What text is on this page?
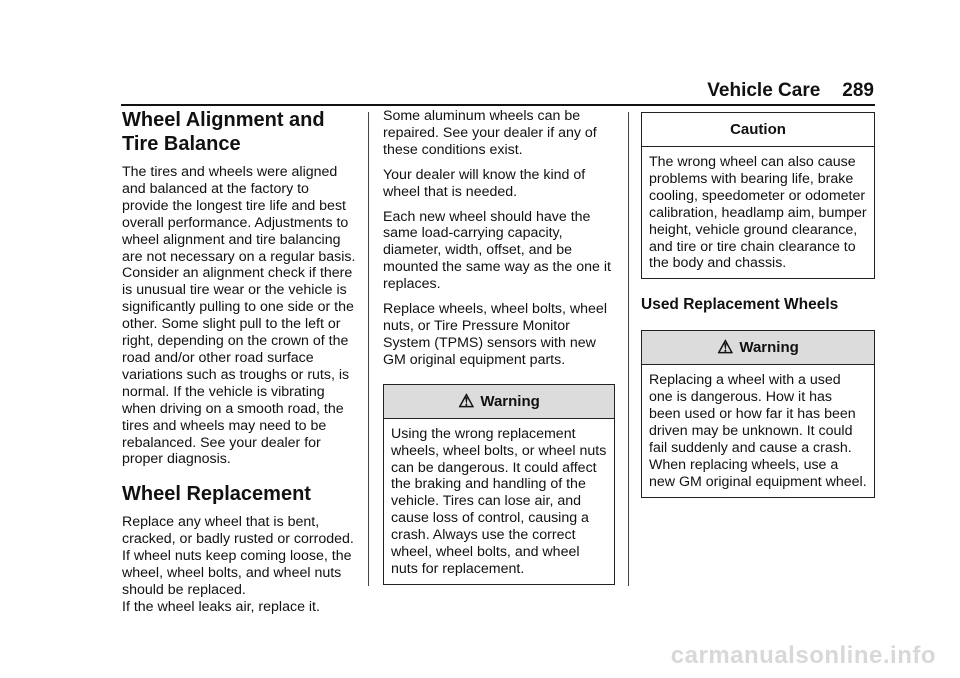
Vehicle Care 289
Wheel Alignment and Tire Balance

The tires and wheels were aligned and balanced at the factory to provide the longest tire life and best overall performance. Adjustments to wheel alignment and tire balancing are not necessary on a regular basis. Consider an alignment check if there is unusual tire wear or the vehicle is significantly pulling to one side or the other. Some slight pull to the left or right, depending on the crown of the road and/or other road surface variations such as troughs or ruts, is normal. If the vehicle is vibrating when driving on a smooth road, the tires and wheels may need to be rebalanced. See your dealer for proper diagnosis.

Wheel Replacement

Replace any wheel that is bent, cracked, or badly rusted or corroded. If wheel nuts keep coming loose, the wheel, wheel bolts, and wheel nuts should be replaced.

If the wheel leaks air, replace it.

Some aluminum wheels can be repaired. See your dealer if any of these conditions exist.

Your dealer will know the kind of wheel that is needed.

Each new wheel should have the same load-carrying capacity, diameter, width, offset, and be mounted the same way as the one it replaces.

Replace wheels, wheel bolts, wheel nuts, or Tire Pressure Monitor System (TPMS) sensors with new GM original equipment parts.

⚠ Warning

Using the wrong replacement wheels, wheel bolts, or wheel nuts can be dangerous. It could affect the braking and handling of the vehicle. Tires can lose air, and cause loss of control, causing a crash. Always use the correct wheel, wheel bolts, and wheel nuts for replacement.

Caution

The wrong wheel can also cause problems with bearing life, brake cooling, speedometer or odometer calibration, headlamp aim, bumper height, vehicle ground clearance, and tire or tire chain clearance to the body and chassis.

Used Replacement Wheels
⚠ Warning

Replacing a wheel with a used one is dangerous. How it has been used or how far it has been driven may be unknown. It could fail suddenly and cause a crash. When replacing wheels, use a new GM original equipment wheel.

carmanualsonline.info
